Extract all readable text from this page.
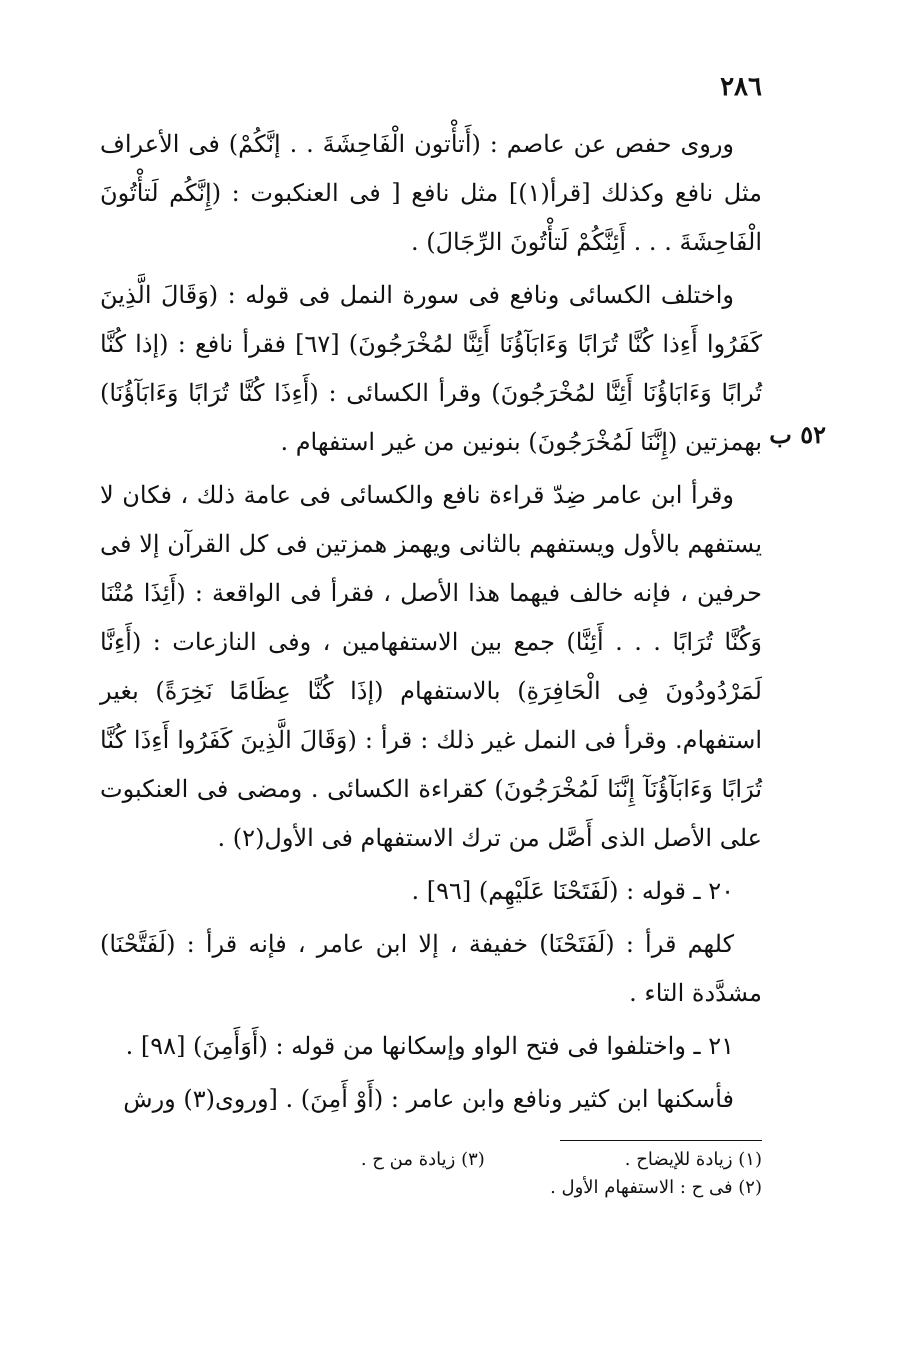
٢٨٦
٥٢ ب

وروى حفص عن عاصم : (أَتأْتون الْفَاحِشَةَ . . إنَّكُمْ) فى الأعراف مثل نافع وكذلك [قرأ(١)] مثل نافع [ فى العنكبوت : (إِنَّكُم لَتأْتُونَ الْفَاحِشَةَ . . . أَئِنَّكُمْ لَتأْتُونَ الرِّجَالَ) .

واختلف الكسائى ونافع فى سورة النمل فى قوله : (وَقَالَ الَّذِينَ كَفَرُوا أَءِذا كُنَّا تُرَابًا وَءَابَآؤُنَا أَئِنَّا لمُخْرَجُونَ) [٦٧] فقرأ نافع : (إذا كُنَّا تُرابًا وَءَابَاؤُنَا أَئِنَّا لمُخْرَجُونَ) وقرأ الكسائى : (أَءِذَا كُنَّا تُرَابًا وَءَابَآؤُنَا) بهمزتين (إِنَّنَا لَمُخْرَجُونَ) بنونين من غير استفهام .

وقرأ ابن عامر ضِدّ قراءة نافع والكسائى فى عامة ذلك ، فكان لا يستفهم بالأول ويستفهم بالثانى ويهمز همزتين فى كل القرآن إلا فى حرفين ، فإنه خالف فيهما هذا الأصل ، فقرأ فى الواقعة : (أَئِذَا مُتْنَا وَكُنَّا تُرَابًا . . . أَئِنَّا) جمع بين الاستفهامين ، وفى النازعات : (أَءِنَّا لَمَرْدُودُونَ فِى الْحَافِرَةِ) بالاستفهام (إذَا كُنَّا عِظَامًا نَخِرَةً) بغير استفهام. وقرأ فى النمل غير ذلك : قرأ : (وَقَالَ الَّذِينَ كَفَرُوا أَءِذَا كُنَّا تُرَابًا وَءَابَآؤُنَآ إِنَّنَا لَمُخْرَجُونَ) كقراءة الكسائى . ومضى فى العنكبوت على الأصل الذى أَصَّل من ترك الاستفهام فى الأول(٢) .

٢٠ ـ قوله : (لَفَتَحْنَا عَلَيْهِم) [٩٦] .

كلهم قرأ : (لَفَتَحْنَا) خفيفة ، إلا ابن عامر ، فإنه قرأ : (لَفَتَّحْنَا) مشدَّدة التاء .

٢١ ـ واختلفوا فى فتح الواو وإسكانها من قوله : (أَوَأَمِنَ) [٩٨] .

فأسكنها ابن كثير ونافع وابن عامر : (أَوْ أَمِنَ) . [وروى(٣) ورش

(١) زيادة للإيضاح .
(٣) زيادة من ح .
(٢) فى ح : الاستفهام الأول .
